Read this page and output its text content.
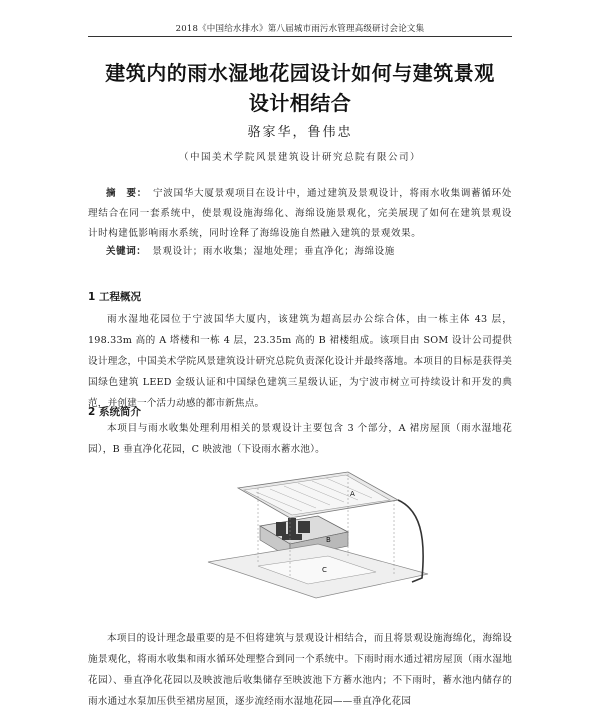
2018《中国给水排水》第八届城市雨污水管理高级研讨会论文集
建筑内的雨水湿地花园设计如何与建筑景观
设计相结合
骆家华，鲁伟忠
（中国美术学院风景建筑设计研究总院有限公司）
摘　要： 宁波国华大厦景观项目在设计中，通过建筑及景观设计，将雨水收集调蓄循环处理结合在同一套系统中，使景观设施海绵化、海绵设施景观化，完美展现了如何在建筑景观设计时构建低影响雨水系统，同时诠释了海绵设施自然融入建筑的景观效果。
关键词： 景观设计；雨水收集；湿地处理；垂直净化；海绵设施
1 工程概况
雨水湿地花园位于宁波国华大厦内，该建筑为超高层办公综合体，由一栋主体 43 层，198.33m 高的 A 塔楼和一栋 4 层，23.35m 高的 B 裙楼组成。该项目由 SOM 设计公司提供设计理念，中国美术学院风景建筑设计研究总院负责深化设计并最终落地。本项目的目标是获得美国绿色建筑 LEED 金级认证和中国绿色建筑三星级认证，为宁波市树立可持续设计和开发的典范，并创建一个活力动感的都市新焦点。
2 系统简介
本项目与雨水收集处理利用相关的景观设计主要包含 3 个部分，A 裙房屋顶（雨水湿地花园），B 垂直净化花园，C 映波池（下设雨水蓄水池）。
A
B
C
本项目的设计理念最重要的是不但将建筑与景观设计相结合，而且将景观设施海绵化，海绵设施景观化，将雨水收集和雨水循环处理整合到同一个系统中。下雨时雨水通过裙房屋顶（雨水湿地花园）、垂直净化花园以及映波池后收集储存至映波池下方蓄水池内；不下雨时，蓄水池内储存的雨水通过水泵加压供至裙房屋顶，逐步流经雨水湿地花园——垂直净化花园
